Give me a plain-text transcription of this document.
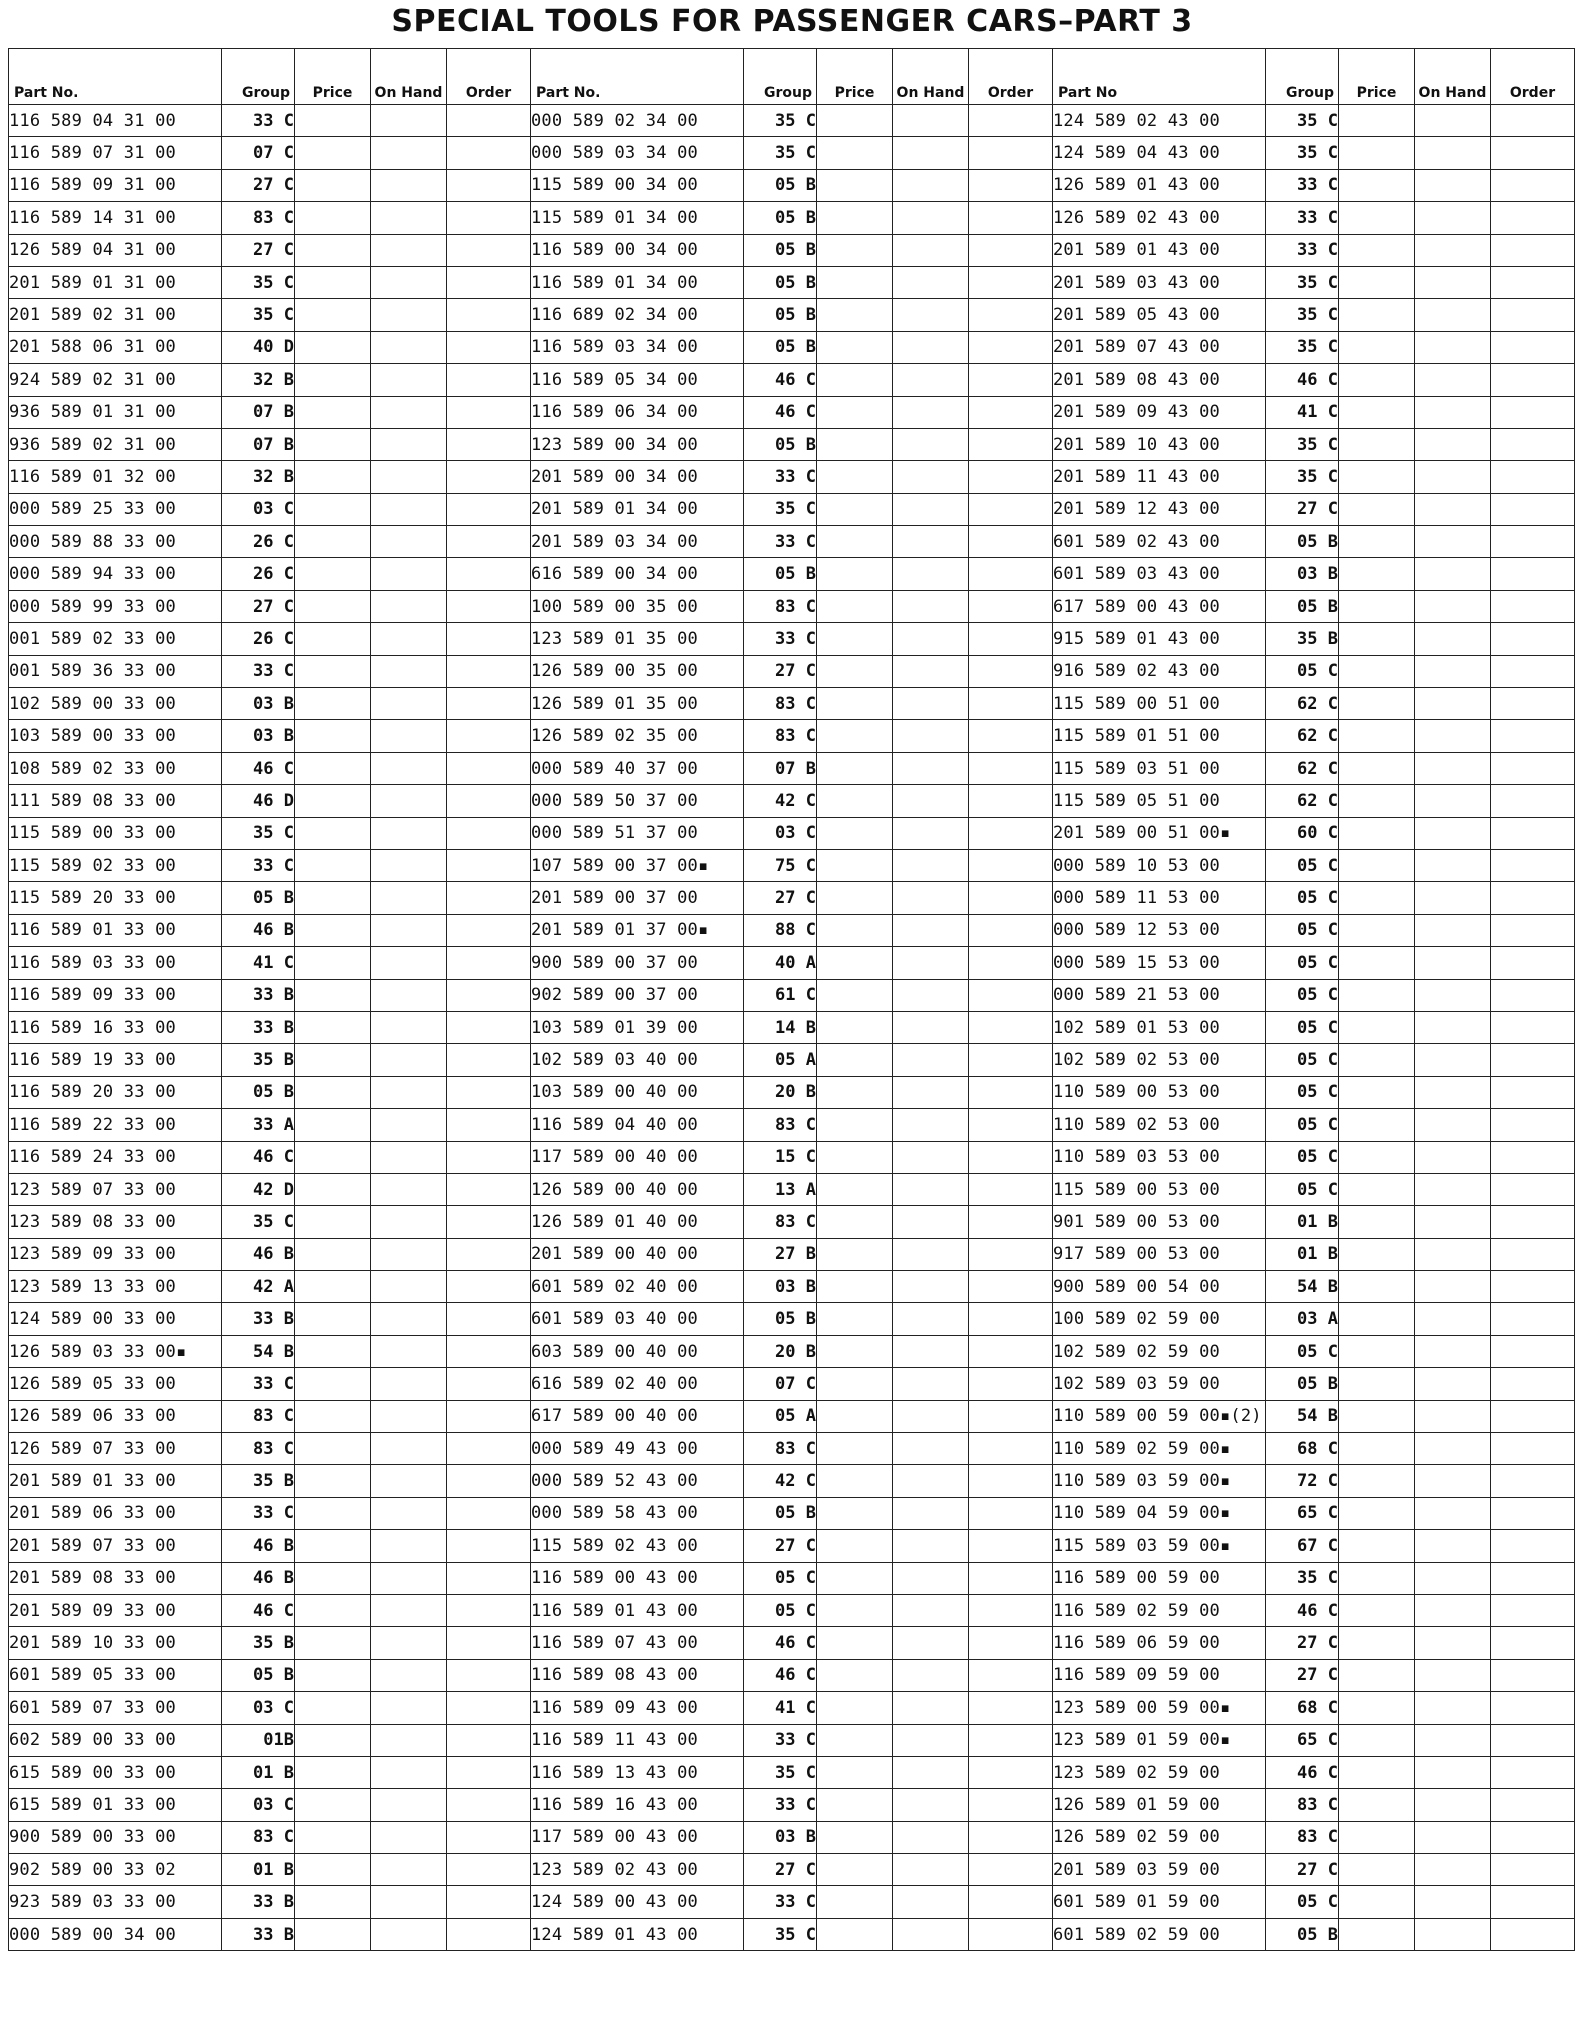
SPECIAL TOOLS FOR PASSENGER CARS–PART 3
Part No.	Group	Price	On Hand	Order
116 589 04 31 00	33 C			
116 589 07 31 00	07 C			
116 589 09 31 00	27 C			
116 589 14 31 00	83 C			
126 589 04 31 00	27 C			
201 589 01 31 00	35 C			
201 589 02 31 00	35 C			
201 588 06 31 00	40 D			
924 589 02 31 00	32 B			
936 589 01 31 00	07 B			
936 589 02 31 00	07 B			
116 589 01 32 00	32 B			
000 589 25 33 00	03 C			
000 589 88 33 00	26 C			
000 589 94 33 00	26 C			
000 589 99 33 00	27 C			
001 589 02 33 00	26 C			
001 589 36 33 00	33 C			
102 589 00 33 00	03 B			
103 589 00 33 00	03 B			
108 589 02 33 00	46 C			
111 589 08 33 00	46 D			
115 589 00 33 00	35 C			
115 589 02 33 00	33 C			
115 589 20 33 00	05 B			
116 589 01 33 00	46 B			
116 589 03 33 00	41 C			
116 589 09 33 00	33 B			
116 589 16 33 00	33 B			
116 589 19 33 00	35 B			
116 589 20 33 00	05 B			
116 589 22 33 00	33 A			
116 589 24 33 00	46 C			
123 589 07 33 00	42 D			
123 589 08 33 00	35 C			
123 589 09 33 00	46 B			
123 589 13 33 00	42 A			
124 589 00 33 00	33 B			
126 589 03 33 00▪	54 B			
126 589 05 33 00	33 C			
126 589 06 33 00	83 C			
126 589 07 33 00	83 C			
201 589 01 33 00	35 B			
201 589 06 33 00	33 C			
201 589 07 33 00	46 B			
201 589 08 33 00	46 B			
201 589 09 33 00	46 C			
201 589 10 33 00	35 B			
601 589 05 33 00	05 B			
601 589 07 33 00	03 C			
602 589 00 33 00	01B			
615 589 00 33 00	01 B			
615 589 01 33 00	03 C			
900 589 00 33 00	83 C			
902 589 00 33 02	01 B			
923 589 03 33 00	33 B			
000 589 00 34 00	33 B			
Part No.	Group	Price	On Hand	Order
000 589 02 34 00	35 C			
000 589 03 34 00	35 C			
115 589 00 34 00	05 B			
115 589 01 34 00	05 B			
116 589 00 34 00	05 B			
116 589 01 34 00	05 B			
116 689 02 34 00	05 B			
116 589 03 34 00	05 B			
116 589 05 34 00	46 C			
116 589 06 34 00	46 C			
123 589 00 34 00	05 B			
201 589 00 34 00	33 C			
201 589 01 34 00	35 C			
201 589 03 34 00	33 C			
616 589 00 34 00	05 B			
100 589 00 35 00	83 C			
123 589 01 35 00	33 C			
126 589 00 35 00	27 C			
126 589 01 35 00	83 C			
126 589 02 35 00	83 C			
000 589 40 37 00	07 B			
000 589 50 37 00	42 C			
000 589 51 37 00	03 C			
107 589 00 37 00▪	75 C			
201 589 00 37 00	27 C			
201 589 01 37 00▪	88 C			
900 589 00 37 00	40 A			
902 589 00 37 00	61 C			
103 589 01 39 00	14 B			
102 589 03 40 00	05 A			
103 589 00 40 00	20 B			
116 589 04 40 00	83 C			
117 589 00 40 00	15 C			
126 589 00 40 00	13 A			
126 589 01 40 00	83 C			
201 589 00 40 00	27 B			
601 589 02 40 00	03 B			
601 589 03 40 00	05 B			
603 589 00 40 00	20 B			
616 589 02 40 00	07 C			
617 589 00 40 00	05 A			
000 589 49 43 00	83 C			
000 589 52 43 00	42 C			
000 589 58 43 00	05 B			
115 589 02 43 00	27 C			
116 589 00 43 00	05 C			
116 589 01 43 00	05 C			
116 589 07 43 00	46 C			
116 589 08 43 00	46 C			
116 589 09 43 00	41 C			
116 589 11 43 00	33 C			
116 589 13 43 00	35 C			
116 589 16 43 00	33 C			
117 589 00 43 00	03 B			
123 589 02 43 00	27 C			
124 589 00 43 00	33 C			
124 589 01 43 00	35 C			
Part No	Group	Price	On Hand	Order
124 589 02 43 00	35 C			
124 589 04 43 00	35 C			
126 589 01 43 00	33 C			
126 589 02 43 00	33 C			
201 589 01 43 00	33 C			
201 589 03 43 00	35 C			
201 589 05 43 00	35 C			
201 589 07 43 00	35 C			
201 589 08 43 00	46 C			
201 589 09 43 00	41 C			
201 589 10 43 00	35 C			
201 589 11 43 00	35 C			
201 589 12 43 00	27 C			
601 589 02 43 00	05 B			
601 589 03 43 00	03 B			
617 589 00 43 00	05 B			
915 589 01 43 00	35 B			
916 589 02 43 00	05 C			
115 589 00 51 00	62 C			
115 589 01 51 00	62 C			
115 589 03 51 00	62 C			
115 589 05 51 00	62 C			
201 589 00 51 00▪	60 C			
000 589 10 53 00	05 C			
000 589 11 53 00	05 C			
000 589 12 53 00	05 C			
000 589 15 53 00	05 C			
000 589 21 53 00	05 C			
102 589 01 53 00	05 C			
102 589 02 53 00	05 C			
110 589 00 53 00	05 C			
110 589 02 53 00	05 C			
110 589 03 53 00	05 C			
115 589 00 53 00	05 C			
901 589 00 53 00	01 B			
917 589 00 53 00	01 B			
900 589 00 54 00	54 B			
100 589 02 59 00	03 A			
102 589 02 59 00	05 C			
102 589 03 59 00	05 B			
110 589 00 59 00▪(2)	54 B			
110 589 02 59 00▪	68 C			
110 589 03 59 00▪	72 C			
110 589 04 59 00▪	65 C			
115 589 03 59 00▪	67 C			
116 589 00 59 00	35 C			
116 589 02 59 00	46 C			
116 589 06 59 00	27 C			
116 589 09 59 00	27 C			
123 589 00 59 00▪	68 C			
123 589 01 59 00▪	65 C			
123 589 02 59 00	46 C			
126 589 01 59 00	83 C			
126 589 02 59 00	83 C			
201 589 03 59 00	27 C			
601 589 01 59 00	05 C			
601 589 02 59 00	05 B			
